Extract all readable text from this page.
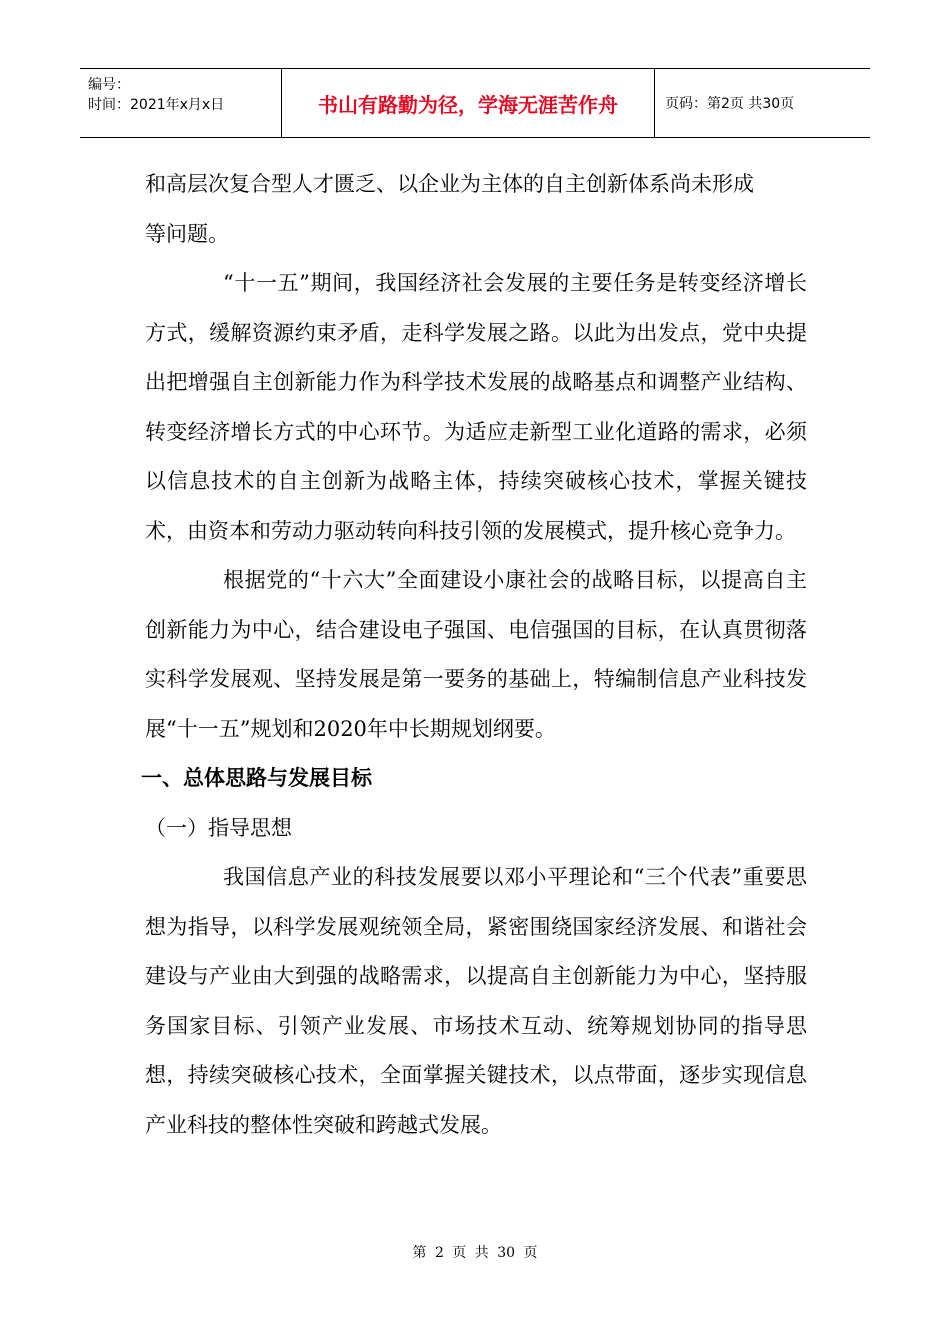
编号：
时间：2021年x月x日	书山有路勤为径，学海无涯苦作舟	页码：第2页 共30页

和高层次复合型人才匮乏、以企业为主体的自主创新体系尚未形成

等问题。

“十一五”期间，我国经济社会发展的主要任务是转变经济增长方式，缓解资源约束矛盾，走科学发展之路。以此为出发点，党中央提出把增强自主创新能力作为科学技术发展的战略基点和调整产业结构、转变经济增长方式的中心环节。为适应走新型工业化道路的需求，必须以信息技术的自主创新为战略主体，持续突破核心技术，掌握关键技术，由资本和劳动力驱动转向科技引领的发展模式，提升核心竞争力。

根据党的“十六大”全面建设小康社会的战略目标，以提高自主创新能力为中心，结合建设电子强国、电信强国的目标，在认真贯彻落实科学发展观、坚持发展是第一要务的基础上，特编制信息产业科技发展“十一五”规划和2020年中长期规划纲要。

一、总体思路与发展目标

（一）指导思想

我国信息产业的科技发展要以邓小平理论和“三个代表”重要思想为指导，以科学发展观统领全局，紧密围绕国家经济发展、和谐社会建设与产业由大到强的战略需求，以提高自主创新能力为中心，坚持服务国家目标、引领产业发展、市场技术互动、统筹规划协同的指导思想，持续突破核心技术，全面掌握关键技术，以点带面，逐步实现信息产业科技的整体性突破和跨越式发展。

第 2 页 共 30 页
